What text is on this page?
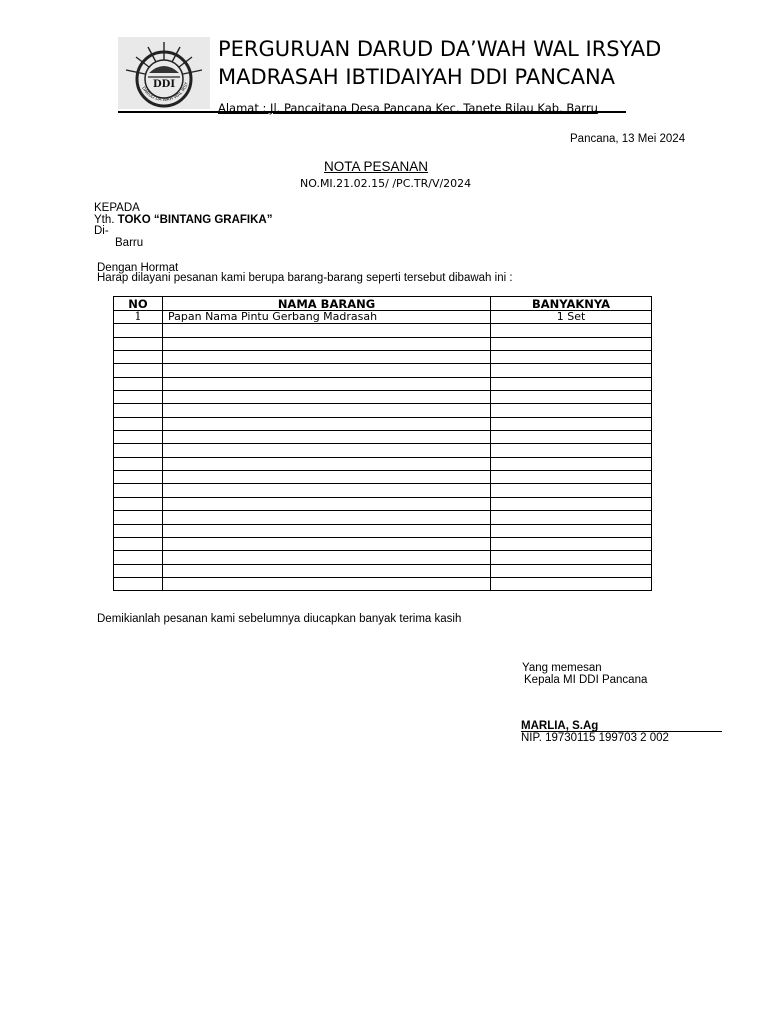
DDI
DARUD DA'WAH WAL IRSY
PERGURUAN DARUD DA’WAH WAL IRSYAD
MADRASAH IBTIDAIYAH DDI PANCANA
Alamat : Jl. Pancaitana Desa Pancana Kec. Tanete Rilau Kab. Barru
Pancana, 13 Mei 2024
NOTA PESANAN
NO.MI.21.02.15/ /PC.TR/V/2024
KEPADA
Yth. TOKO “BINTANG GRAFIKA”
Di-
Barru
Dengan Hormat
Harap dilayani pesanan kami berupa barang-barang seperti tersebut dibawah ini :
NO	NAMA BARANG	BANYAKNYA
1	Papan Nama Pintu Gerbang Madrasah	1 Set

Demikianlah pesanan kami sebelumnya diucapkan banyak terima kasih
Yang memesan
Kepala MI DDI Pancana
MARLIA, S.Ag
NIP. 19730115 199703 2 002
